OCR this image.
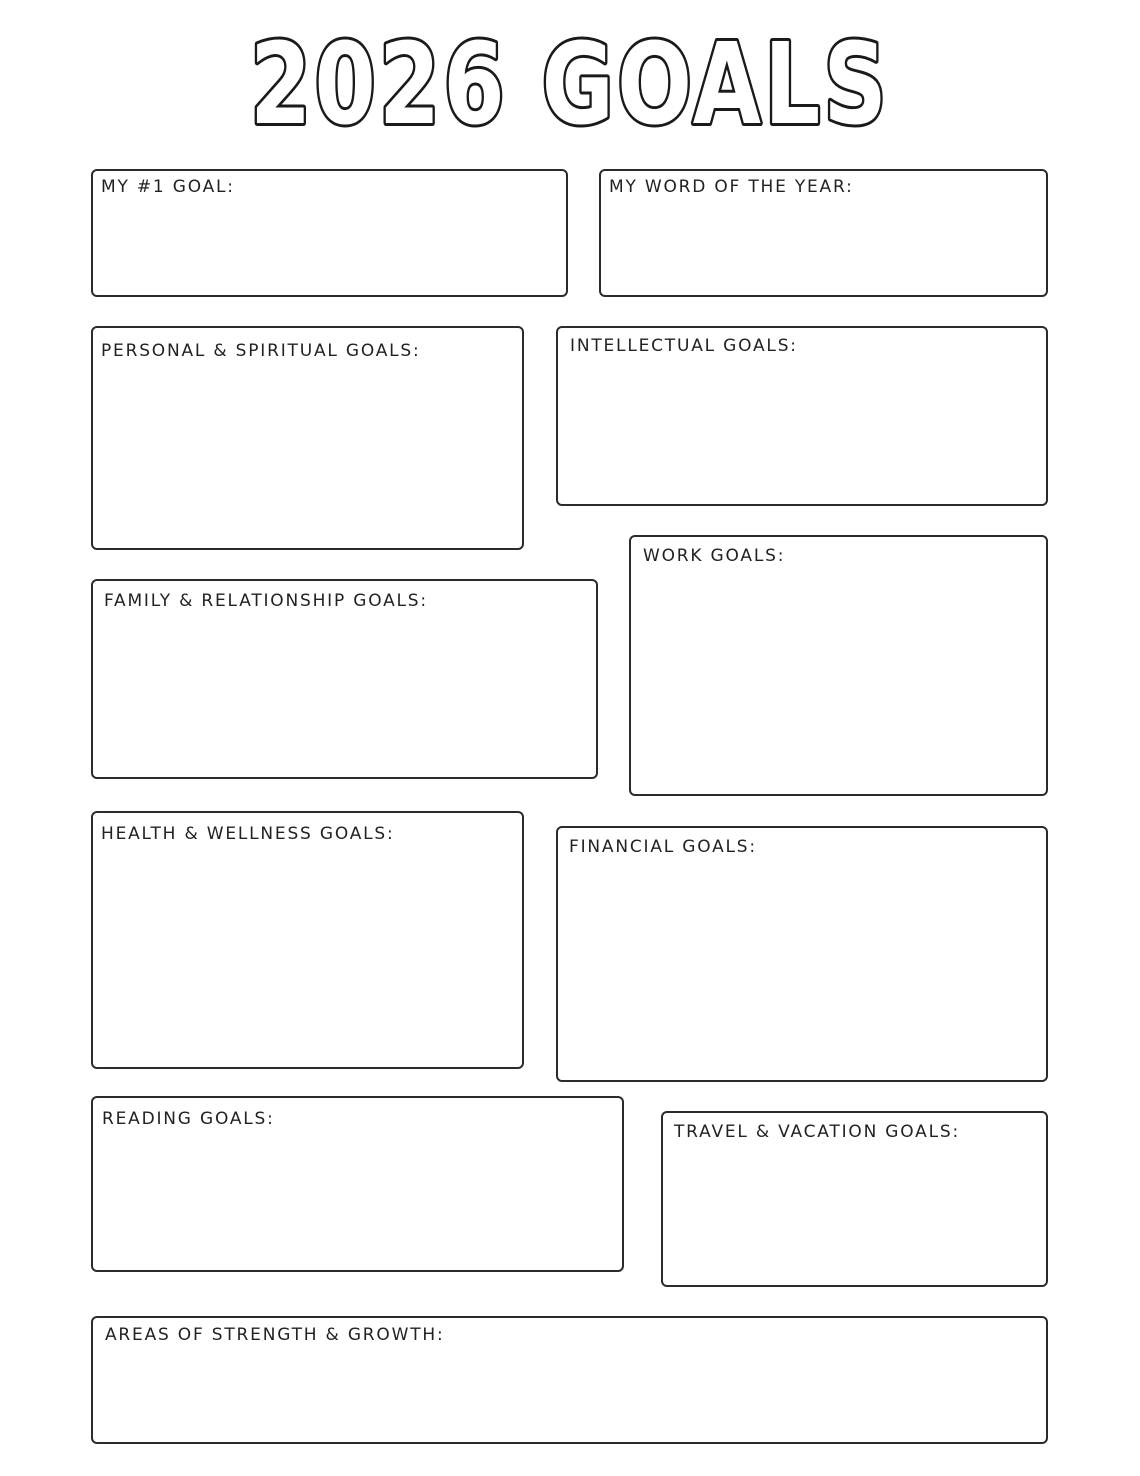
2026 GOALS
MY #1 GOAL:	MY WORD OF THE YEAR:
PERSONAL & SPIRITUAL GOALS:	INTELLECTUAL GOALS:
WORK GOALS:
FAMILY & RELATIONSHIP GOALS:
HEALTH & WELLNESS GOALS:
FINANCIAL GOALS:
READING GOALS:
TRAVEL & VACATION GOALS:
AREAS OF STRENGTH & GROWTH:
